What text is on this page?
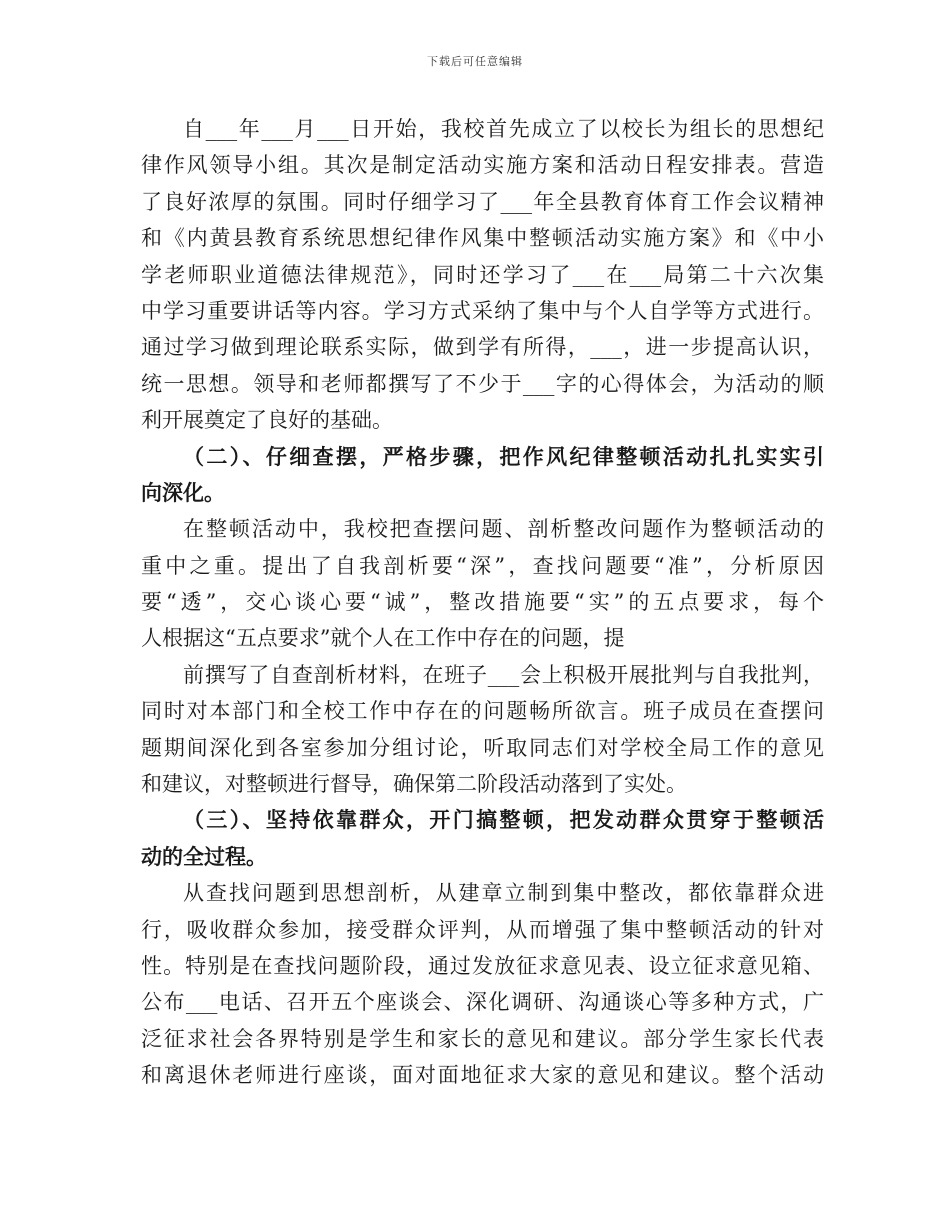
下载后可任意编辑
自___年___月___日开始，我校首先成立了以校长为组长的思想纪
律作风领导小组。其次是制定活动实施方案和活动日程安排表。营造
了良好浓厚的氛围。同时仔细学习了___年全县教育体育工作会议精神
和《内黄县教育系统思想纪律作风集中整顿活动实施方案》和《中小
学老师职业道德法律规范》，同时还学习了___在___局第二十六次集
中学习重要讲话等内容。学习方式采纳了集中与个人自学等方式进行。
通过学习做到理论联系实际，做到学有所得，___，进一步提高认识，
统一思想。领导和老师都撰写了不少于___字的心得体会，为活动的顺
利开展奠定了良好的基础。
（二）、仔细查摆，严格步骤，把作风纪律整顿活动扎扎实实引
向深化。
在整顿活动中，我校把查摆问题、剖析整改问题作为整顿活动的
重中之重。提出了自我剖析要“深”，查找问题要“准”，分析原因
要“透”，交心谈心要“诚”，整改措施要“实”的五点要求，每个
人根据这“五点要求”就个人在工作中存在的问题，提
前撰写了自查剖析材料，在班子___会上积极开展批判与自我批判，
同时对本部门和全校工作中存在的问题畅所欲言。班子成员在查摆问
题期间深化到各室参加分组讨论，听取同志们对学校全局工作的意见
和建议，对整顿进行督导，确保第二阶段活动落到了实处。
（三）、坚持依靠群众，开门搞整顿，把发动群众贯穿于整顿活
动的全过程。
从查找问题到思想剖析，从建章立制到集中整改，都依靠群众进
行，吸收群众参加，接受群众评判，从而增强了集中整顿活动的针对
性。特别是在查找问题阶段，通过发放征求意见表、设立征求意见箱、
公布___电话、召开五个座谈会、深化调研、沟通谈心等多种方式，广
泛征求社会各界特别是学生和家长的意见和建议。部分学生家长代表
和离退休老师进行座谈，面对面地征求大家的意见和建议。整个活动
